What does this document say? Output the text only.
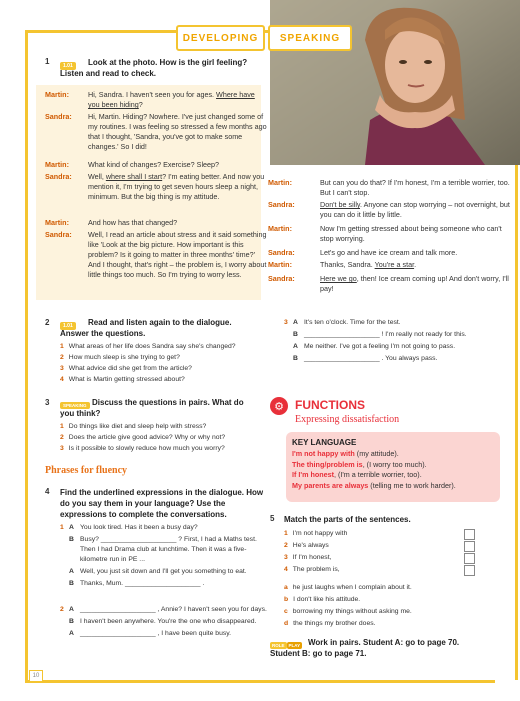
DEVELOPING	SPEAKING
1	1.01	Look at the photo. How is the girl feeling? Listen and read to check.
Martin:	Hi, Sandra. I haven't seen you for ages. Where have you been hiding?
Sandra: Hi, Martin. Hiding? Nowhere. I've just changed some of my routines. I was feeling so stressed a few months ago that I thought, 'Sandra, you've got to make some changes.' So I did!
Martin:	What kind of changes? Exercise? Sleep?
Sandra: Well, where shall I start? I'm eating better. And now you mention it, I'm trying to get seven hours sleep a night, minimum. But the big thing is my attitude.
Martin:	And how has that changed?
Sandra: Well, I read an article about stress and it said something like 'Look at the big picture. How important is this problem? Is it going to matter in three months' time?' And I thought, that's right – the problem is, I worry about little things too much. So I'm trying to worry less.
Martin:	But can you do that? If I'm honest, I'm a terrible worrier, too. But I can't stop.
Sandra:	Don't be silly. Anyone can stop worrying – not overnight, but you can do it little by little.
Martin:	Now I'm getting stressed about being someone who can't stop worrying.
Sandra:	Let's go and have ice cream and talk more.
Martin:	Thanks, Sandra. You're a star.
Sandra:	Here we go, then! Ice cream coming up! And don't worry, I'll pay!
2	1.01	Read and listen again to the dialogue. Answer the questions.
1 What areas of her life does Sandra say she's changed?
2 How much sleep is she trying to get?
3 What advice did she get from the article?
4 What is Martin getting stressed about?
3	SPEAKING Discuss the questions in pairs. What do you think?
1 Do things like diet and sleep help with stress?
2 Does the article give good advice? Why or why not?
3 Is it possible to slowly reduce how much you worry?
Phrases for fluency
4 Find the underlined expressions in the dialogue. How do you say them in your language? Use the expressions to complete the conversations.
1 A You look tired. Has it been a busy day?
B Busy? ____________________ ? First, I had a Maths test. Then I had Drama club at lunchtime. Then it was a five-kilometre run in PE ...
A Well, you just sit down and I'll get you something to eat.
B Thanks, Mum. ____________________ .
2 A ____________________ , Annie? I haven't seen you for days.
B I haven't been anywhere. You're the one who disappeared.
A ____________________ , I have been quite busy.
3 A It's ten o'clock. Time for the test.
B ____________________ ! I'm really not ready for this.
A Me neither. I've got a feeling I'm not going to pass.
B ____________________ . You always pass.
⚙ FUNCTIONS
Expressing dissatisfaction
KEY LANGUAGE
I'm not happy with (my attitude).
The thing/problem is, (I worry too much).
If I'm honest, (I'm a terrible worrier, too).
My parents are always (telling me to work harder).
5 Match the parts of the sentences.
1 I'm not happy with
2 He's always
3 If I'm honest,
4 The problem is,
a he just laughs when I complain about it.
b I don't like his attitude.
c borrowing my things without asking me.
d the things my brother does.
ROLE PLAY Work in pairs. Student A: go to page 70. Student B: go to page 71.
10
